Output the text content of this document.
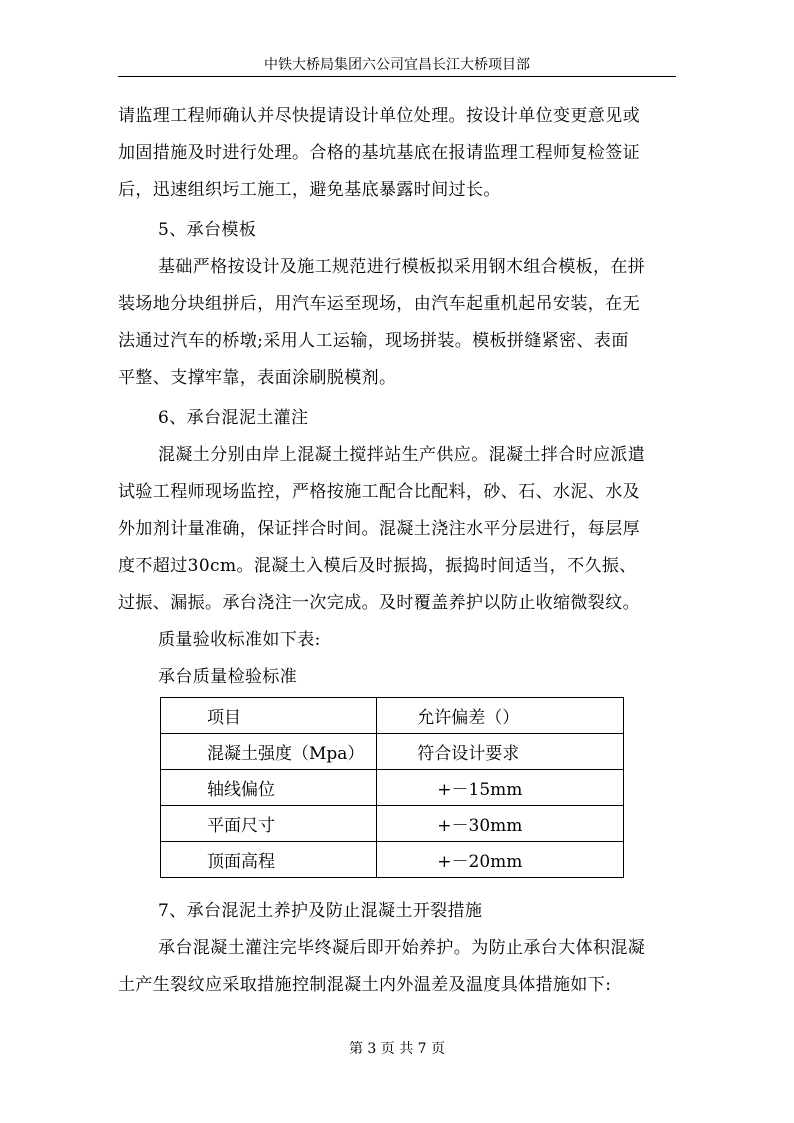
中铁大桥局集团六公司宜昌长江大桥项目部
请监理工程师确认并尽快提请设计单位处理。按设计单位变更意见或
加固措施及时进行处理。合格的基坑基底在报请监理工程师复检签证
后，迅速组织圬工施工，避免基底暴露时间过长。
5、承台模板
基础严格按设计及施工规范进行模板拟采用钢木组合模板，在拼
装场地分块组拼后，用汽车运至现场，由汽车起重机起吊安装，在无
法通过汽车的桥墩;采用人工运输，现场拼装。模板拼缝紧密、表面
平整、支撑牢靠，表面涂刷脱模剂。
6、承台混泥土灌注
混凝土分别由岸上混凝土搅拌站生产供应。混凝土拌合时应派遣
试验工程师现场监控，严格按施工配合比配料，砂、石、水泥、水及
外加剂计量准确，保证拌合时间。混凝土浇注水平分层进行，每层厚
度不超过30cm。混凝土入模后及时振捣，振捣时间适当，不久振、
过振、漏振。承台浇注一次完成。及时覆盖养护以防止收缩微裂纹。
质量验收标准如下表:
承台质量检验标准
项目	允许偏差（）
混凝土强度（Mpa）	符合设计要求
轴线偏位	+－15mm
平面尺寸	+－30mm
顶面高程	+－20mm
7、承台混泥土养护及防止混凝土开裂措施
承台混凝土灌注完毕终凝后即开始养护。为防止承台大体积混凝
土产生裂纹应采取措施控制混凝土内外温差及温度具体措施如下:
第 3 页 共 7 页
